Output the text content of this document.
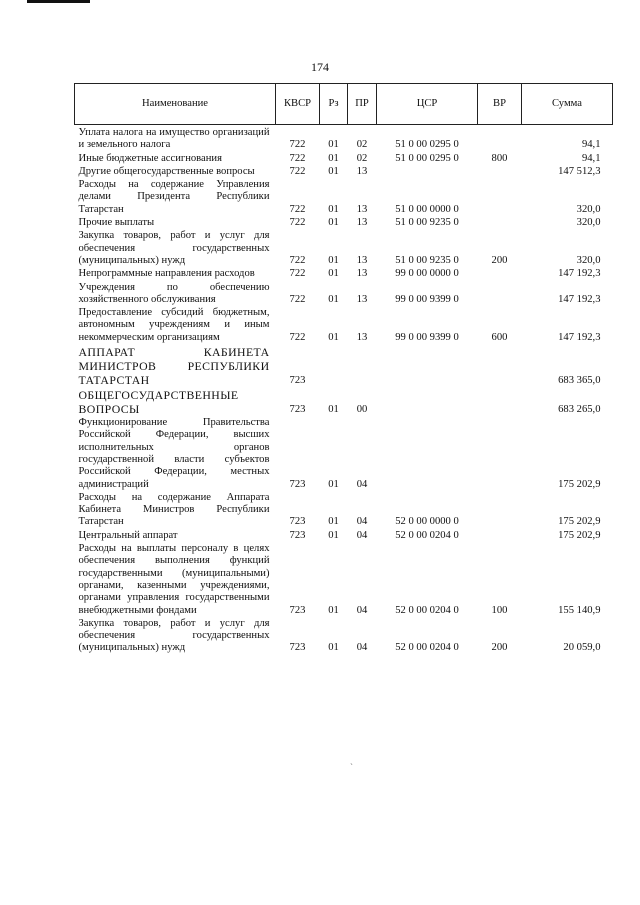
174
Наименование	КВСР	Рз	ПР	ЦСР	ВР	Сумма
Уплата налога на имущество организаций и земельного налога	722	01	02	51 0 00 0295 0		94,1
Иные бюджетные ассигнования	722	01	02	51 0 00 0295 0	800	94,1
Другие общегосударственные вопросы	722	01	13			147 512,3
Расходы на содержание Управления делами Президента Республики Татарстан	722	01	13	51 0 00 0000 0		320,0
Прочие выплаты	722	01	13	51 0 00 9235 0		320,0
Закупка товаров, работ и услуг для обеспечения государственных (муниципальных) нужд	722	01	13	51 0 00 9235 0	200	320,0
Непрограммные направления расходов	722	01	13	99 0 00 0000 0		147 192,3
Учреждения по обеспечению хозяйственного обслуживания	722	01	13	99 0 00 9399 0		147 192,3
Предоставление субсидий бюджетным, автономным учреждениям и иным некоммерческим организациям	722	01	13	99 0 00 9399 0	600	147 192,3
АППАРАТ КАБИНЕТА МИНИСТРОВ РЕСПУБЛИКИ ТАТАРСТАН	723					683 365,0
ОБЩЕГОСУДАРСТВЕННЫЕ ВОПРОСЫ	723	01	00			683 265,0
Функционирование Правительства Российской Федерации, высших исполнительных органов государственной власти субъектов Российской Федерации, местных администраций	723	01	04			175 202,9
Расходы на содержание Аппарата Кабинета Министров Республики Татарстан	723	01	04	52 0 00 0000 0		175 202,9
Центральный аппарат	723	01	04	52 0 00 0204 0		175 202,9
Расходы на выплаты персоналу в целях обеспечения выполнения функций государственными (муниципальными) органами, казенными учреждениями, органами управления государственными внебюджетными фондами	723	01	04	52 0 00 0204 0	100	155 140,9
Закупка товаров, работ и услуг для обеспечения государственных (муниципальных) нужд	723	01	04	52 0 00 0204 0	200	20 059,0
`
